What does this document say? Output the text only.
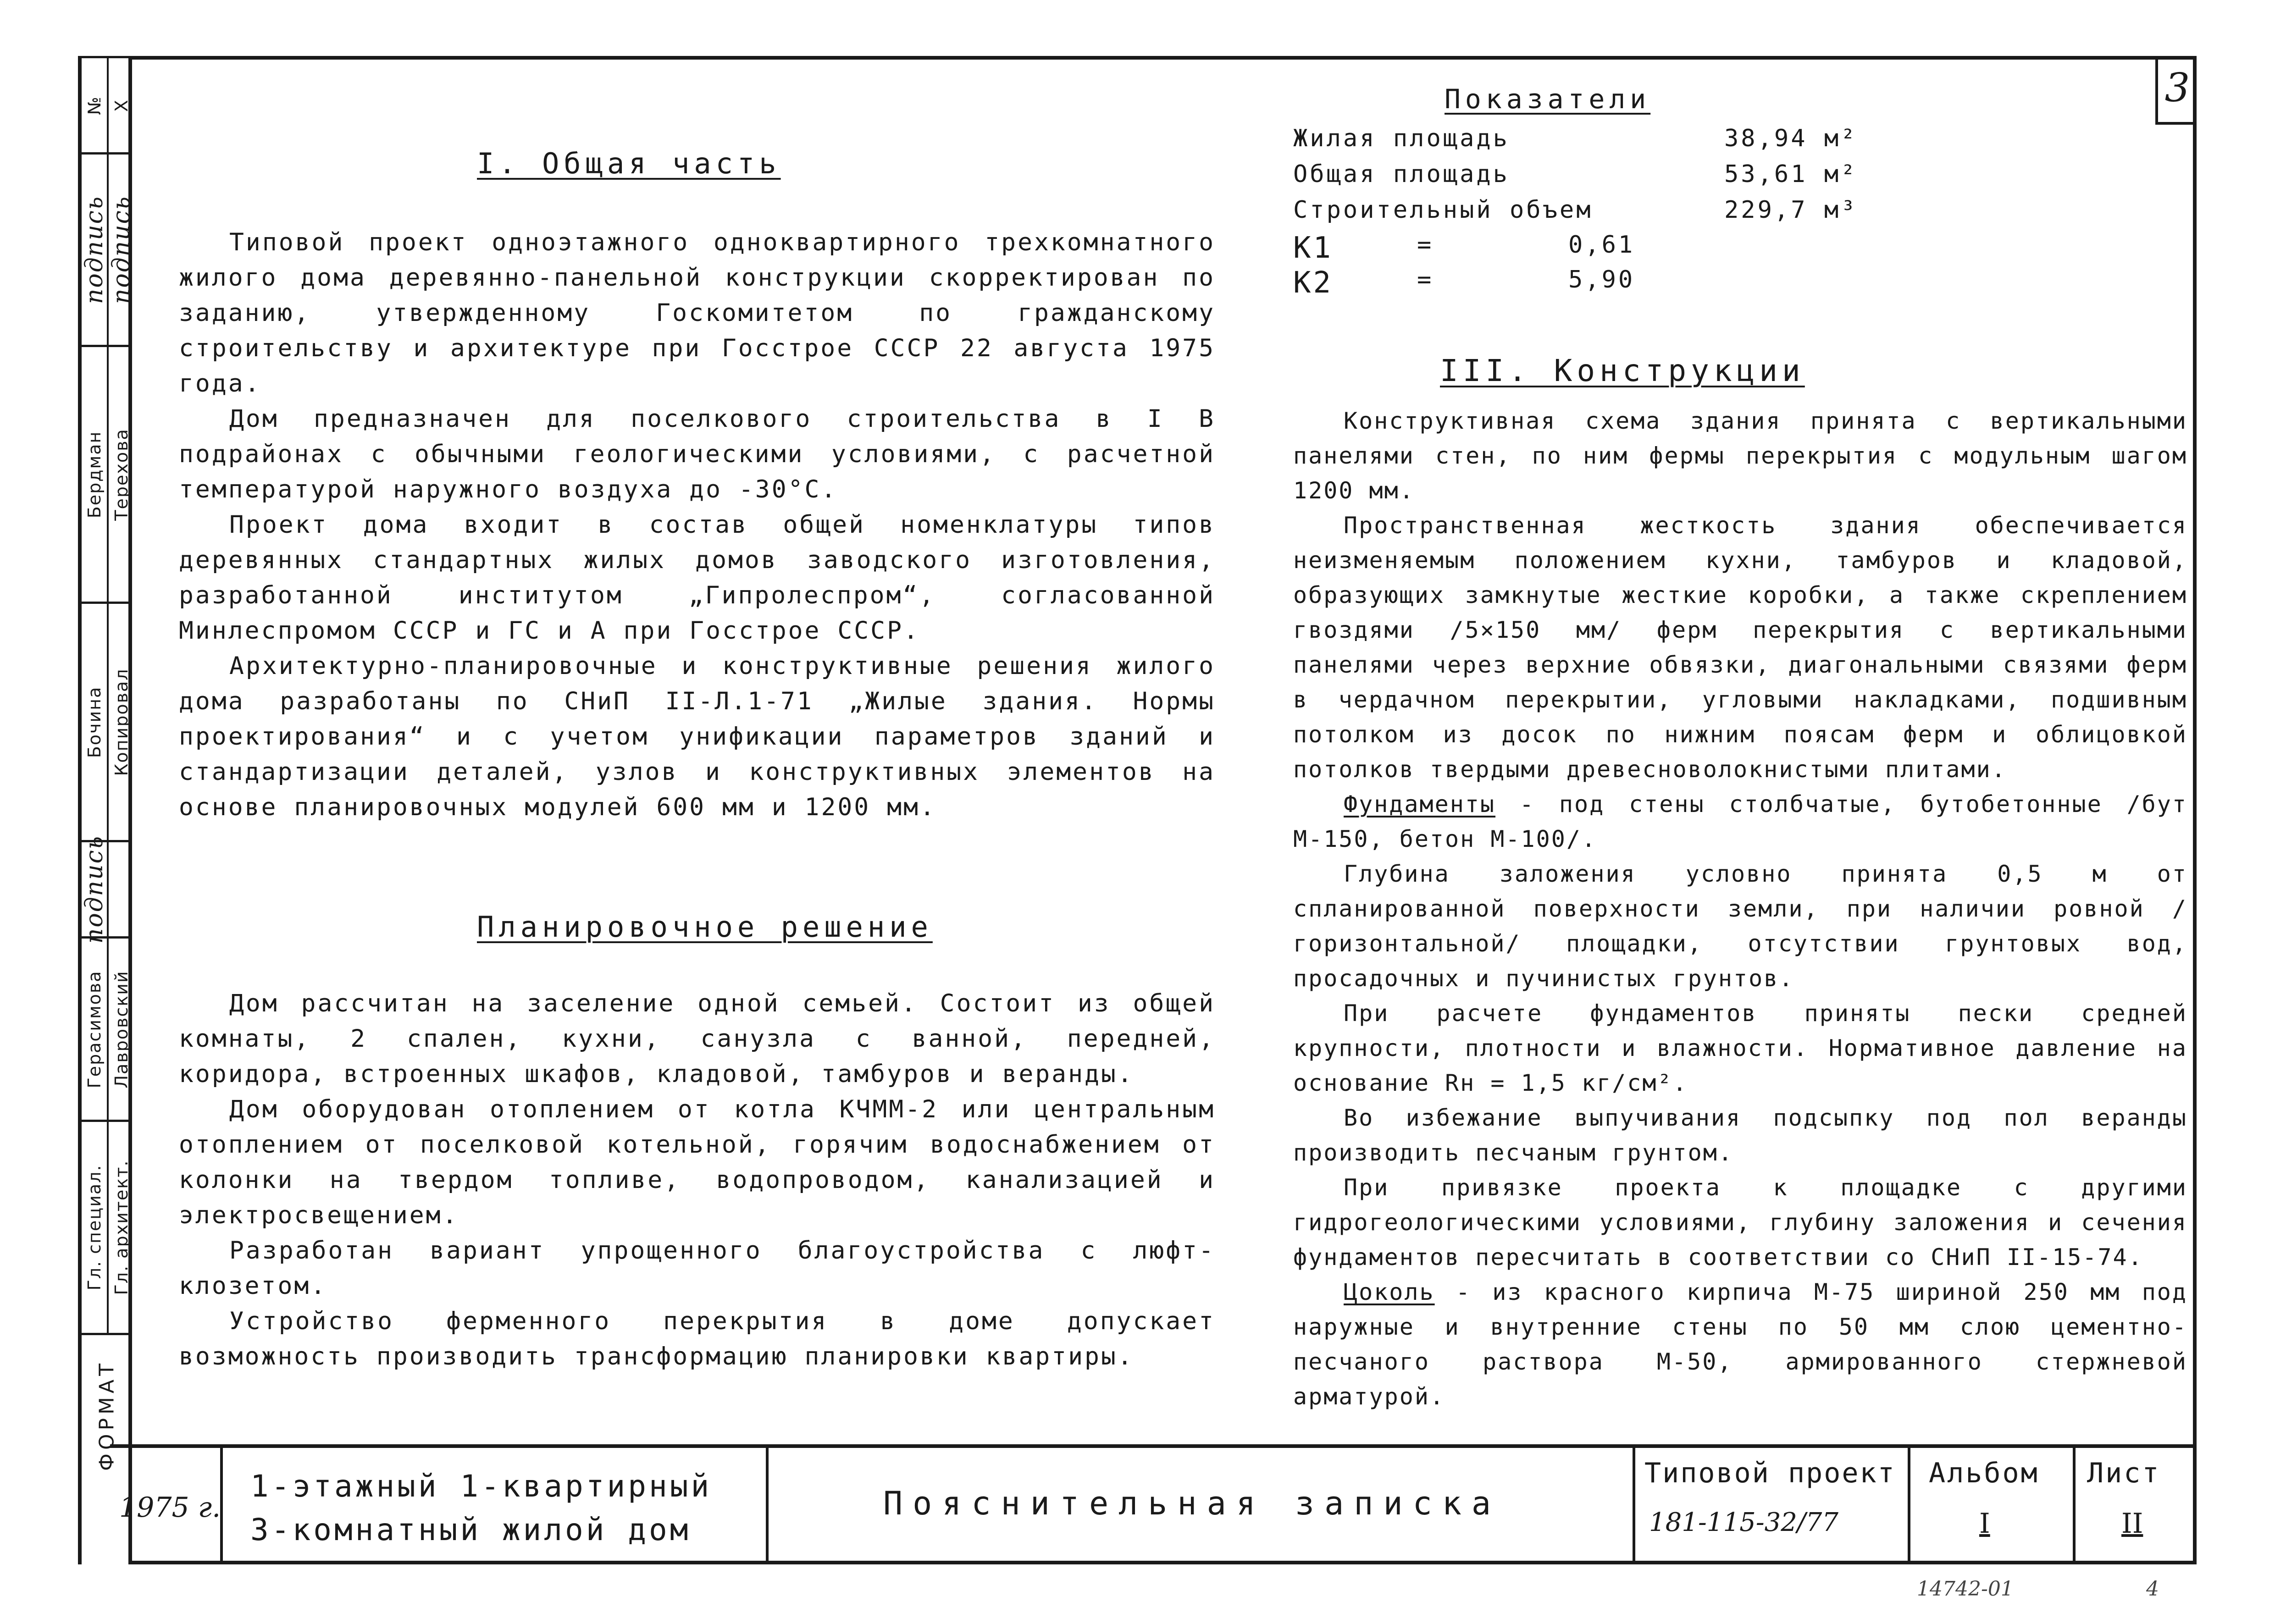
№ X
подпись подпись
Бердман Терехова
Бочина Копировал
подпись
Герасимова Лавровский
Гл. специал. Гл. архитект.
ФОРМАТ
3
I. Общая часть

Типовой проект одноэтажного одноквартирного трехкомнатного жилого дома деревянно-панельной конструкции скорректирован по заданию, утвержденному Госкомитетом по гражданскому строительству и архитектуре при Госстрое СССР 22 августа 1975 года.

Дом предназначен для поселкового строительства в I В подрайонах с обычными геологическими условиями, с расчетной температурой наружного воздуха до -30°С.

Проект дома входит в состав общей номенклатуры типов деревянных стандартных жилых домов заводского изготовления, разработанной институтом „Гипролеспром“, согласованной Минлеспромом СССР и ГС и А при Госстрое СССР.

Архитектурно-планировочные и конструктивные решения жилого дома разработаны по СНиП II-Л.1-71 „Жилые здания. Нормы проектирования“ и с учетом унификации параметров зданий и стандартизации деталей, узлов и конструктивных элементов на основе планировочных модулей 600 мм и 1200 мм.

Планировочное решение

Дом рассчитан на заселение одной семьей. Состоит из общей комнаты, 2 спален, кухни, санузла с ванной, передней, коридора, встроенных шкафов, кладовой, тамбуров и веранды.

Дом оборудован отоплением от котла КЧММ-2 или центральным отоплением от поселковой котельной, горячим водоснабжением от колонки на твердом топливе, водопроводом, канализацией и электросвещением.

Разработан вариант упрощенного благоустройства с люфт-клозетом.

Устройство ферменного перекрытия в доме допускает возможность производить трансформацию планировки квартиры.

Показатели
Жилая площадь	38,94 м²
Общая площадь	53,61 м²
Строительный объем	229,7 м³
К1	=	0,61
К2	=	5,90
III. Конструкции

Конструктивная схема здания принята с вертикальными панелями стен, по ним фермы перекрытия с модульным шагом 1200 мм.

Пространственная жесткость здания обеспечивается неизменяемым положением кухни, тамбуров и кладовой, образующих замкнутые жесткие коробки, а также скреплением гвоздями /5×150 мм/ ферм перекрытия с вертикальными панелями через верхние обвязки, диагональными связями ферм в чердачном перекрытии, угловыми накладками, подшивным потолком из досок по нижним поясам ферм и облицовкой потолков твердыми древесноволокнистыми плитами.

Фундаменты - под стены столбчатые, бутобетонные /бут М-150, бетон М-100/.

Глубина заложения условно принята 0,5 м от спланированной поверхности земли, при наличии ровной /горизонтальной/ площадки, отсутствии грунтовых вод, просадочных и пучинистых грунтов.

При расчете фундаментов приняты пески средней крупности, плотности и влажности. Нормативное давление на основание Rн = 1,5 кг/см².

Во избежание выпучивания подсыпку под пол веранды производить песчаным грунтом.

При привязке проекта к площадке с другими гидрогеологическими условиями, глубину заложения и сечения фундаментов пересчитать в соответствии со СНиП II-15-74.

Цоколь - из красного кирпича М-75 шириной 250 мм под наружные и внутренние стены по 50 мм слою цементно-песчаного раствора М-50, армированного стержневой арматурой.

1975 г.
1-этажный 1-квартирный
3-комнатный жилой дом
Пояснительная записка
Типовой проект
181-115-32/77
Альбом
I
Лист
II
14742-01	4
